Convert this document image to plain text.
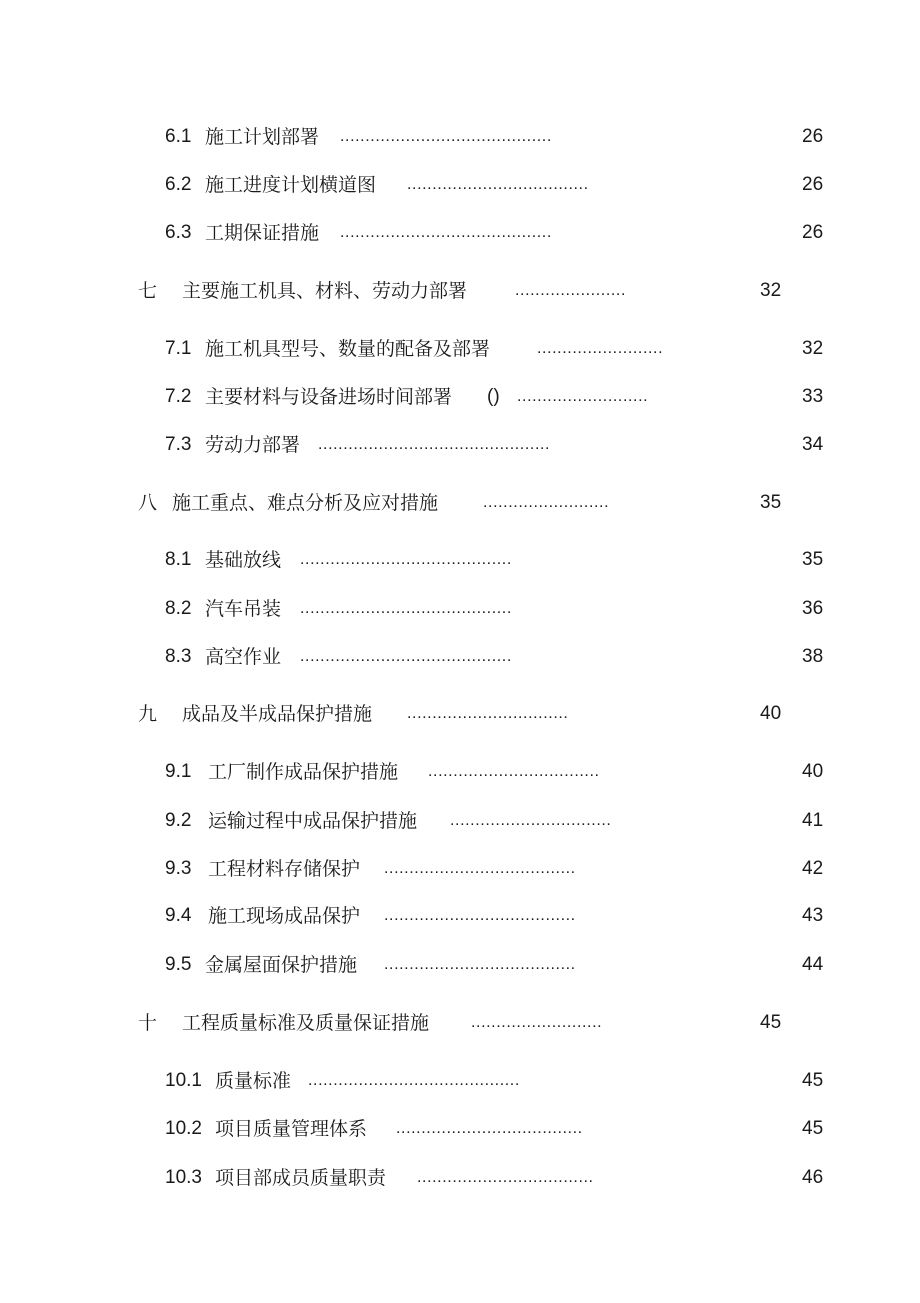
6.1 施工计划部署 ..........................................	26
6.2 施工进度计划横道图 ....................................	26
6.3 工期保证措施 ..........................................	26
七 主要施工机具、材料、劳动力部署	......................	32
7.1 施工机具型号、数量的配备及部署	.........................	32
7.2 主要材料与设备进场时间部署 () ..........................	33
7.3 劳动力部署 ..............................................	34
八 施工重点、难点分析及应对措施	.........................	35
8.1 基础放线 ..........................................	35
8.2 汽车吊装 ..........................................	36
8.3 高空作业 ..........................................	38
九 成品及半成品保护措施 ................................	40
9.1 工厂制作成品保护措施 ..................................	40
9.2 运输过程中成品保护措施 ................................	41
9.3 工程材料存储保护 ......................................	42
9.4 施工现场成品保护 ......................................	43
9.5 金属屋面保护措施 ......................................	44
十 工程质量标准及质量保证措施	..........................	45
10.1 质量标准 ..........................................	45
10.2 项目质量管理体系 .....................................	45
10.3 项目部成员质量职责 ...................................	46
